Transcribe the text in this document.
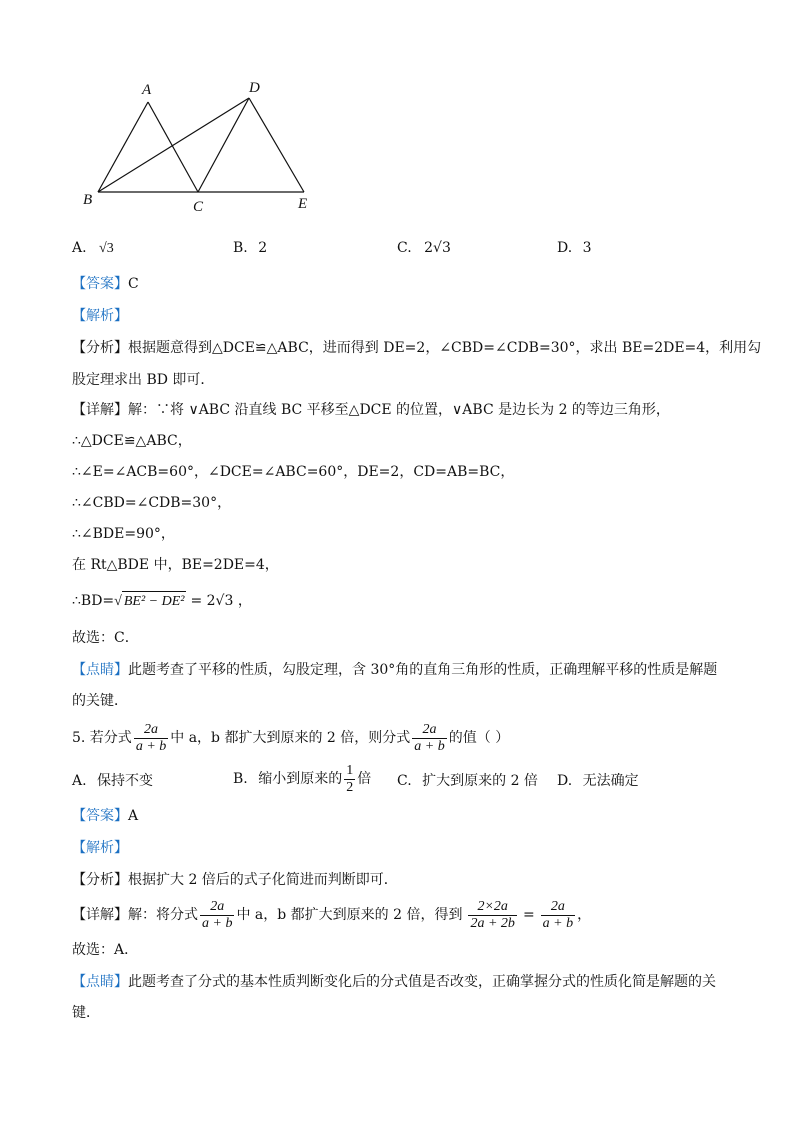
A	D
B	C	E
A. √3	B. 2	C. 2√3	D. 3
【答案】C
【解析】
【分析】根据题意得到△DCE≌△ABC，进而得到 DE=2，∠CBD=∠CDB=30°，求出 BE=2DE=4，利用勾
股定理求出 BD 即可．
【详解】解：∵将 ∨ABC 沿直线 BC 平移至△DCE 的位置，∨ABC 是边长为 2 的等边三角形，
∴△DCE≌△ABC，
∴∠E=∠ACB=60°，∠DCE=∠ABC=60°，DE=2，CD=AB=BC，
∴∠CBD=∠CDB=30°，
∴∠BDE=90°，
在 Rt△BDE 中，BE=2DE=4，
∴BD=√ BE² − DE² = 2√3 ，
故选：C．
【点睛】此题考查了平移的性质，勾股定理，含 30°角的直角三角形的性质，正确理解平移的性质是解题
的关键．
5. 若分式 $\frac{2a}{a + b}$ 中 a，b 都扩大到原来的 2 倍，则分式 $\frac{2a}{a + b}$ 的值（ ）
A. 保持不变	B. 缩小到原来的 $\frac{1}{2}$ 倍 C. 扩大到原来的 2 倍 D. 无法确定
【答案】A
【解析】
【分析】根据扩大 2 倍后的式子化简进而判断即可．
【详解】解：将分式 $\frac{2a}{a + b}$ 中 a，b 都扩大到原来的 2 倍，得到 $\frac{2\times 2a}{2a + 2b} = \frac{2a}{a + b}$ ，
故选：A．
【点睛】此题考查了分式的基本性质判断变化后的分式值是否改变，正确掌握分式的性质化简是解题的关
键．
